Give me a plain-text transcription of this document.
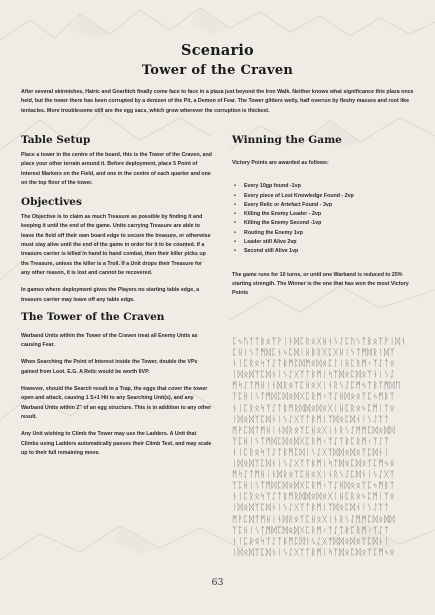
Scenario
Tower of the Craven
After several skirmishes, Halric and Gnarlitch finally come face to face in a plaza just beyond the Iron Walk. Neither knows what significance this plaza once held, but the tower there has been corrupted by a denizen of the Pit, a Demon of Fear. The Tower glitters wetly, half overrun by fleshy masses and root like tentacles. More troublesome still are the egg sacs, which grow wherever the corruption is thickest.
Table Setup

Place a tower in the centre of the board, this is the Tower of the Craven, and place your other terrain around it. Before deployment, place 5 Point of Interest Markers on the Field, and one in the centre of each quarter and one on the top floor of the tower.

Objectives

The Objective is to claim as much Treasure as possible by finding it and keeping it until the end of the game. Units carrying Treasure are able to leave the field off their own board edge to secure the treasure, or otherwise must stay alive until the end of the game in order for it to be counted. If a treasure carrier is killed in hand to hand combat, then their killer picks up the Treasure, unless the killer is a Troll. If a Unit drops their Treasure for any other reason, it is lost and cannot be recovered.

In games where deployment gives the Players no starting table edge, a treasure carrier may leave off any table edge.

The Tower of the Craven

Warband Units within the Tower of the Craven treat all Enemy Units as causing Fear.

When Searching the Point of Interest inside the Tower, double the VPs gained from Loot. E.G. A Relic would be worth 6VP.

However, should the Search result in a Trap, the eggs that cover the tower open and attack, causing 1 S+1 Hit to any Searching Unit(s), and any Warband Units within 2" of an egg structure. This is in addition to any other result.

Any Unit wishing to Climb the Tower may use the Ladders. A Unit that Climbs using Ladders automatically passes their Climb Test, and may scale up to their full remaining move.

Winning the Game

Victory Points are awarded as follows:

• Every 10gp found -1vp
• Every piece of Lost Knowledge Found - 2vp
• Every Relic or Artefact Found - 3vp
• Killing the Enemy Leader - 2vp
• Killing the Enemy Second -1vp
• Routing the Enemy 1vp
• Leader still Alive 2vp
• Second still Alive 1vp

The game runs for 10 turns, or until one Warband is reduced to 25% starting strength. The Winner is the one that has won the most Victory Points

ᛈᛃᚢᛉᛏᛒᛟᛉᚹᛁᚾᛞᛈᚱᛟᚷᚺᚾᛊᛇᛈᚢᛊᛏᛒᛟᛉᚹᛁᛞᚾ
ᛈᚺᛁᛊᛏᛗᛞᛈᚾᛃᛈᛞᛁᚺᛒᚱᚷᛈᚷᚺᛁᛊᛏᛗᛞᚱᛁᛞᛉ
ᚾᛁᛈᚱᛟᛋᛉᛇᛏᛒᛗᛈᛞᛗᛟᛞᛟᛈᛚᛁᚺᛈᚱᛗᚲᛉᛇᛏᛟ
ᛁᛞᛟᛞᛉᛈᛞᚾᛁᛊᛇᚷᛉᛏᛒᛗᛁᛋᛉᛞᛟᛈᛞᛟᛉᚾᛁᛊᛇ
ᛗᛋᛇᛏᛗᚺᛁᚾᛞᚱᛟᛉᛈᚺᛟᚷᛁᚾᚱᛊᛇᛈᛗᛃᛏᛒᛉᛗᛞᛖ
ᛉᛈᚺᛁᛊᛏᛗᛞᛈᛞᛟᛞᚷᛈᚱᛗᚲᛉᛇᚺᛞᛟᛟᛉᛈᛃᛗᛒᛉ
ᚾᛁᛈᚱᛟᛋᛉᛇᛏᛒᛗᚱᛞᛞᛟᛞᛟᚷᛁᚺᛈᚱᛟᛃᛈᛗᛁᛉᛟ
ᛁᛞᛟᛞᛉᛈᛞᚾᛁᛊᛇᚷᛉᛏᛒᛗᛁᛉᛞᛟᛈᛞᚾᛁᛊᛇᛉᛏ
ᛗᚹᛈᛞᛏᛗᚺᛁᚾᛞᚱᛟᛉᛈᚺᛟᚷᛁᚾᚱᛊᛇᛗᛗᛈᛞᛟᛞᛞ
ᛉᛈᚺᛁᛊᛏᛗᛞᛈᛞᛟᛞᚷᛈᚱᛗᚲᛉᛇᛏᛒᛈᚱᛗᚲᛉᛇᛏ
ᚾᛁᛈᚱᛟᛋᛉᛇᛏᛒᛗᛈᛞᛁᛊᛇᚷᛉᛞᛞᛟᛞᛟᛉᛈᛞᚾᛁ
ᛁᛞᛟᛞᛉᛈᛞᚾᛁᛊᛇᚷᛉᛏᛒᛗᛁᛋᛉᛞᛟᛈᛞᛟᛉᛈᛗᛃᛟ
ᛗᛋᛇᛏᛗᚺᛁᚾᛞᚱᛟᛉᛈᚺᛟᚷᛁᚾᚱᛊᛇᛈᛞᚾᛁᛊᛇᚷᛉ
ᛉᛈᚺᛁᛊᛏᛗᛞᛈᛞᛟᛞᚷᛈᚱᛗᚲᛉᛇᚺᛞᛟᛟᛉᛈᛃᛗᛒᛉ
ᚾᛁᛈᚱᛟᛋᛉᛇᛏᛒᛗᚱᛞᛞᛟᛞᛟᚷᛁᚺᛈᚱᛟᛃᛈᛗᛁᛉᛟ
ᛁᛞᛟᛞᛉᛈᛞᚾᛁᛊᛇᚷᛉᛏᛒᛗᛁᛉᛞᛟᛈᛞᚾᛁᛊᛇᛉᛏ
ᛗᚹᛈᛞᛏᛗᚺᛁᚾᛞᚱᛟᛉᛈᚺᛟᚷᛁᚾᚱᛊᛇᛗᛗᛈᛞᛟᛞᛞ
ᛉᛈᚺᛁᛊᛏᛗᛞᛈᛞᛟᛞᚷᛈᚱᛗᚲᛉᛇᛏᛒᛈᚱᛗᚲᛉᛇᛏ
ᚾᛁᛈᚱᛟᛋᛉᛇᛏᛒᛗᛈᛞᛁᛊᛇᚷᛉᛞᛞᛟᛞᛟᛉᛈᛞᚾᛁ
ᛁᛞᛟᛞᛉᛈᛞᚾᛁᛊᛇᚷᛉᛏᛒᛗᛁᛋᛉᛞᛟᛈᛞᛟᛉᛈᛗᛃᛟ
63
